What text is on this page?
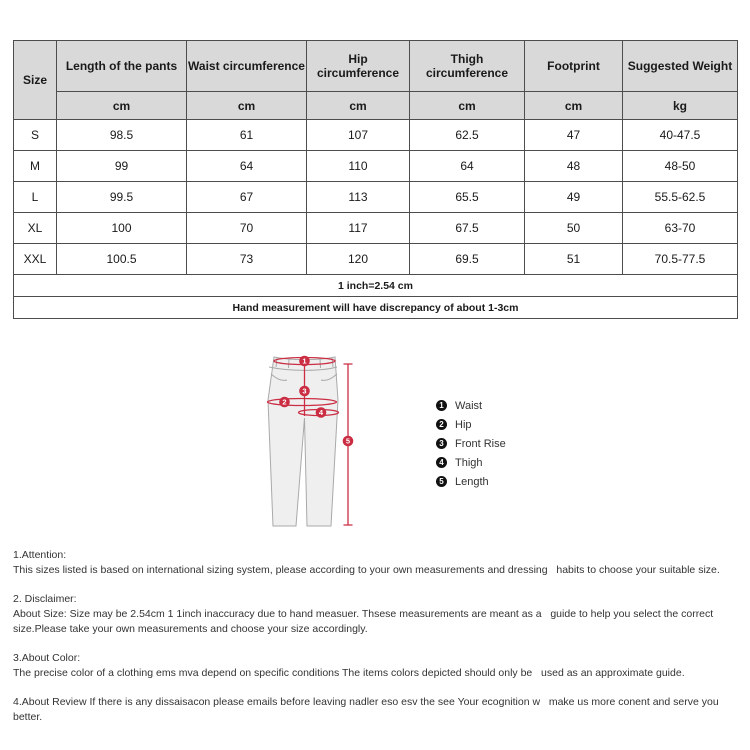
Size	Length of the pants	Waist circumference	Hip circumference	Thigh circumference	Footprint	Suggested Weight
	cm	cm	cm	cm	cm	kg
S	98.5	61	107	62.5	47	40-47.5
M	99	64	110	64	48	48-50
L	99.5	67	113	65.5	49	55.5-62.5
XL	100	70	117	67.5	50	63-70
XXL	100.5	73	120	69.5	51	70.5-77.5
1 inch=2.54 cm						
Hand measurement will have discrepancy of about 1-3cm						
1
2
3
4
5
1 Waist
2 Hip
3 Front Rise
4 Thigh
5 Length
1.Attention:
This sizes listed is based on international sizing system, please according to your own measurements and dressing   habits to choose your suitable size.
2. Disclaimer:
About Size: Size may be 2.54cm 1 1inch inaccuracy due to hand measuer. Thsese measurements are meant as a   guide to help you select the correct size.Please take your own measurements and choose your size accordingly.
3.About Color:
The precise color of a clothing ems mva depend on specific conditions The items colors depicted should only be   used as an approximate guide.
4.About Review If there is any dissaisacon please emails before leaving nadler eso esv the see Your ecognition w   make us more conent and serve you better.
